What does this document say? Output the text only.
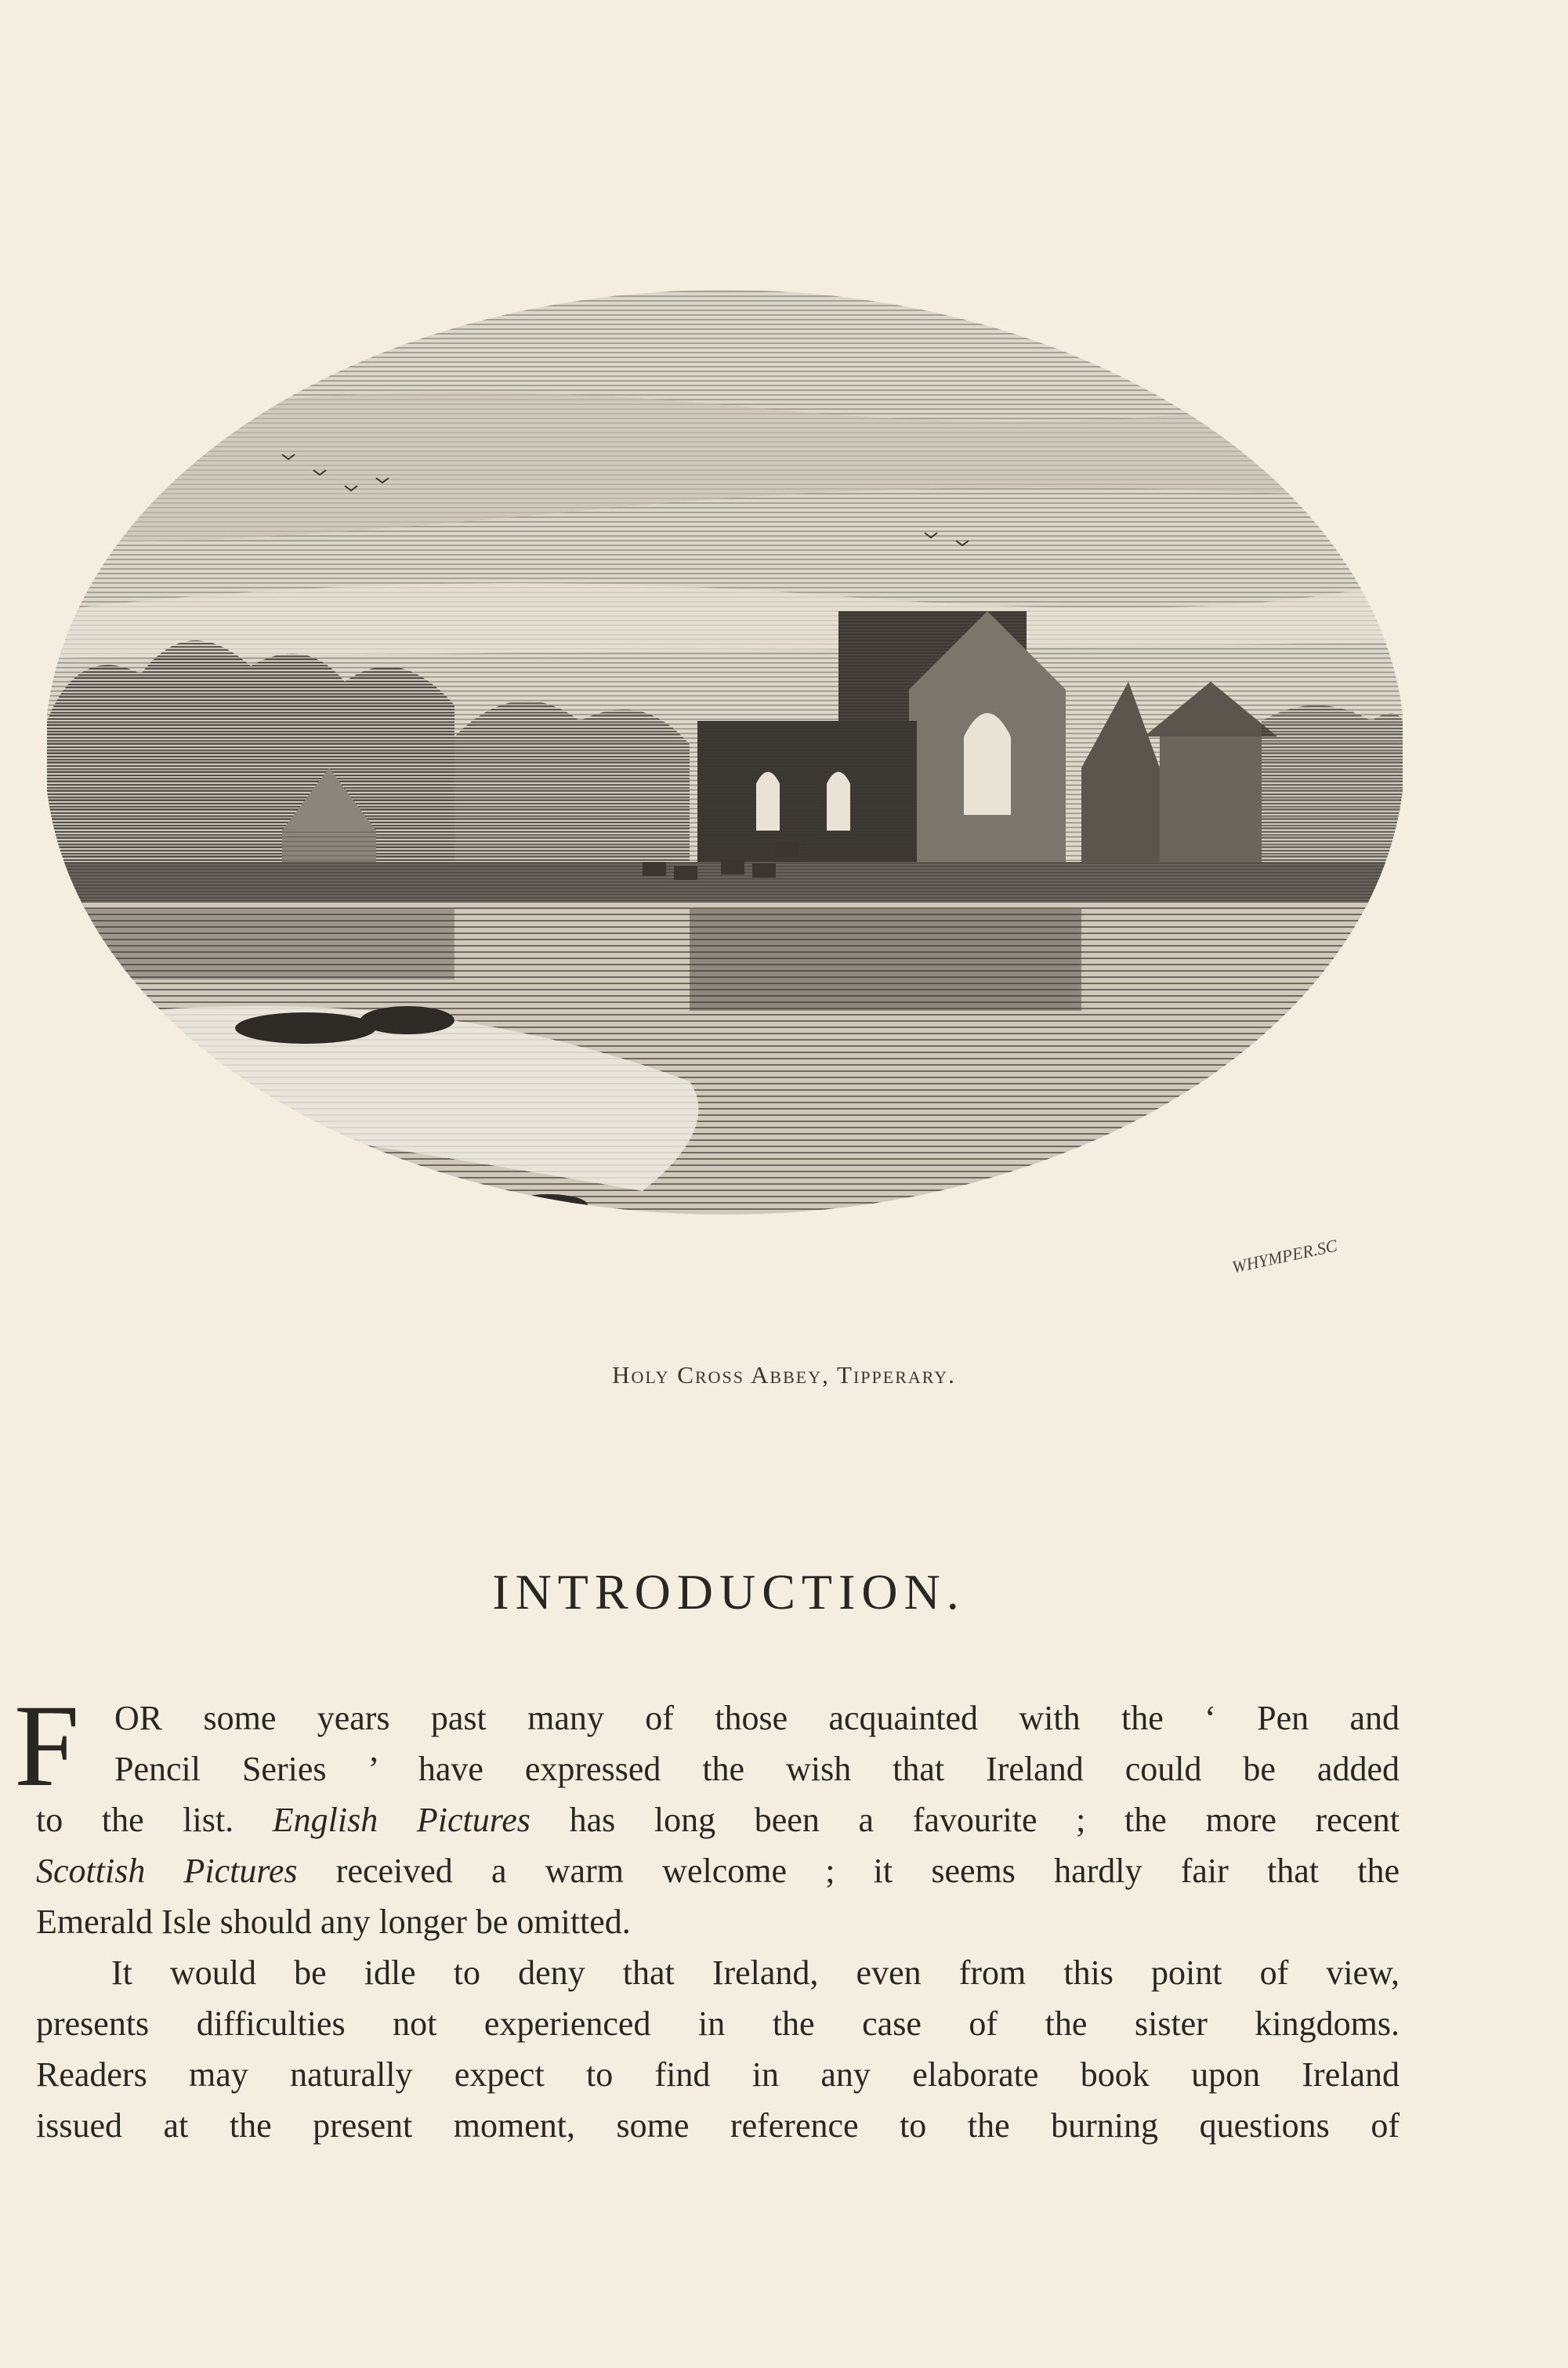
WHYMPER.SC
Holy Cross Abbey, Tipperary.
INTRODUCTION.
F	OR some years past many of those acquainted with the ‘ Pen and
Pencil Series ’ have expressed the wish that Ireland could be added
to the list. English Pictures has long been a favourite ; the more recent
Scottish Pictures received a warm welcome ; it seems hardly fair that the
Emerald Isle should any longer be omitted.
It would be idle to deny that Ireland, even from this point of view,
presents difficulties not experienced in the case of the sister kingdoms.
Readers may naturally expect to find in any elaborate book upon Ireland
issued at the present moment, some reference to the burning questions of
